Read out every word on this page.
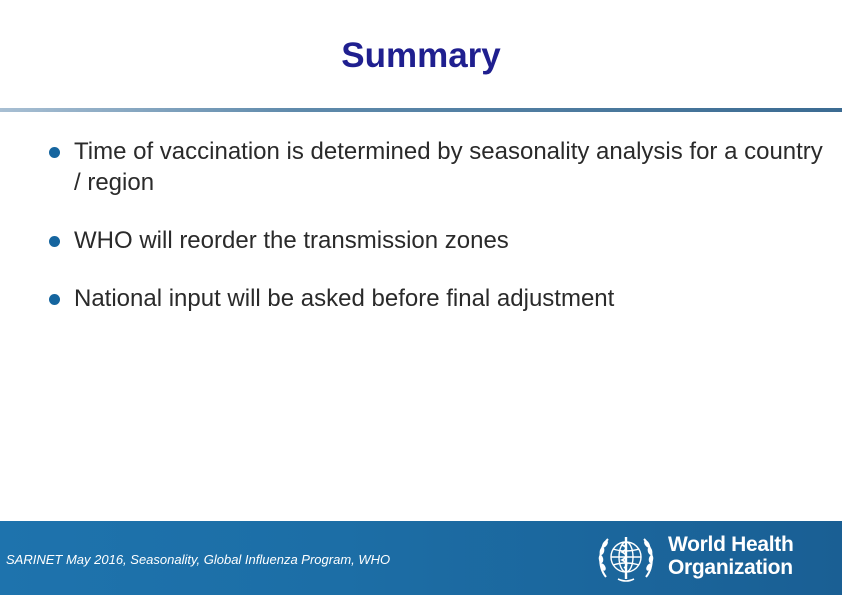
Summary
Time of vaccination is determined by seasonality analysis for a country / region
WHO will reorder the transmission zones
National input will be asked before final adjustment
SARINET May 2016, Seasonality, Global Influenza Program, WHO
World Health
Organization
